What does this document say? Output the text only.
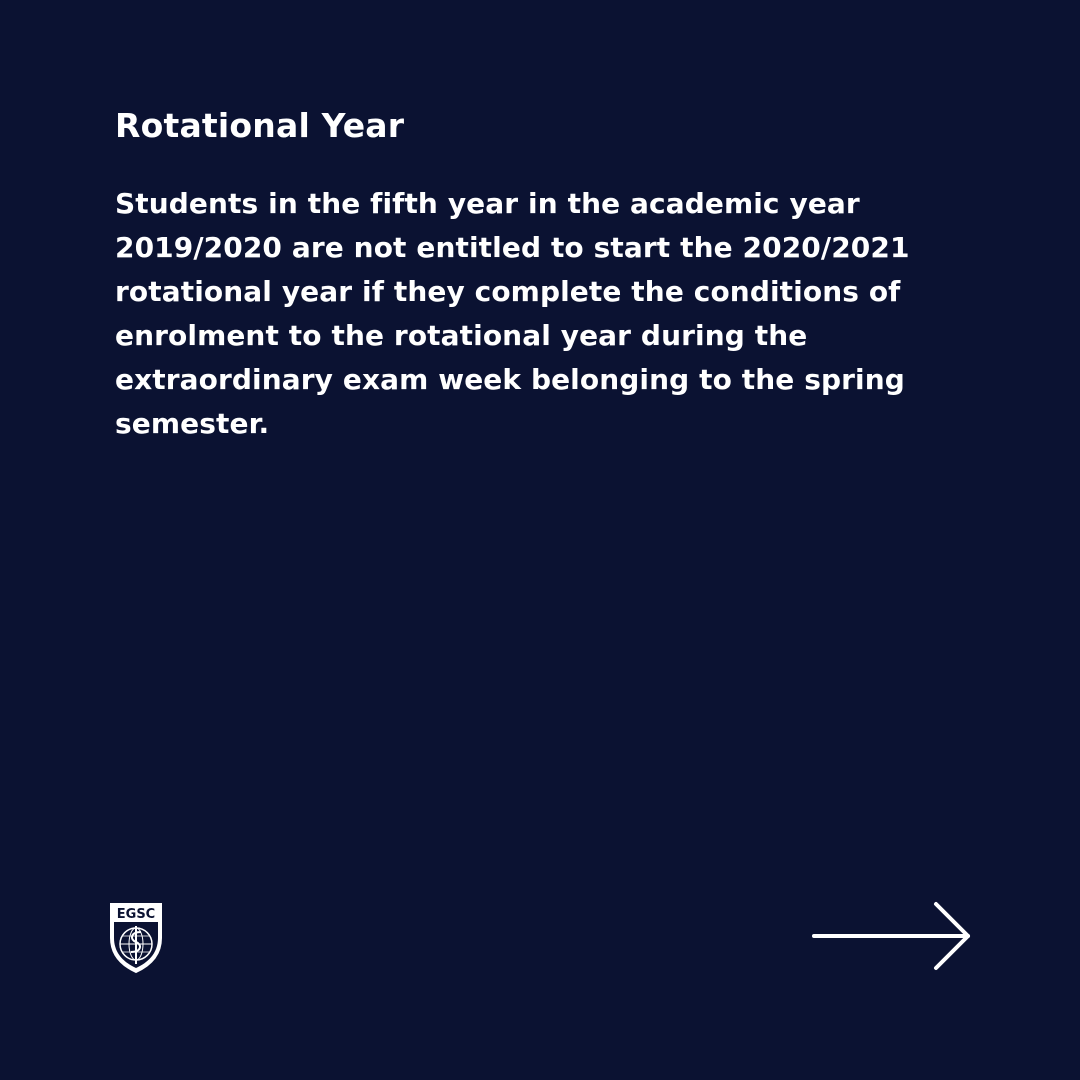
Rotational Year

Students in the fifth year in the academic year 2019/2020 are not entitled to start the 2020/2021 rotational year if they complete the conditions of enrolment to the rotational year during the extraordinary exam week belonging to the spring semester.

EGSC
